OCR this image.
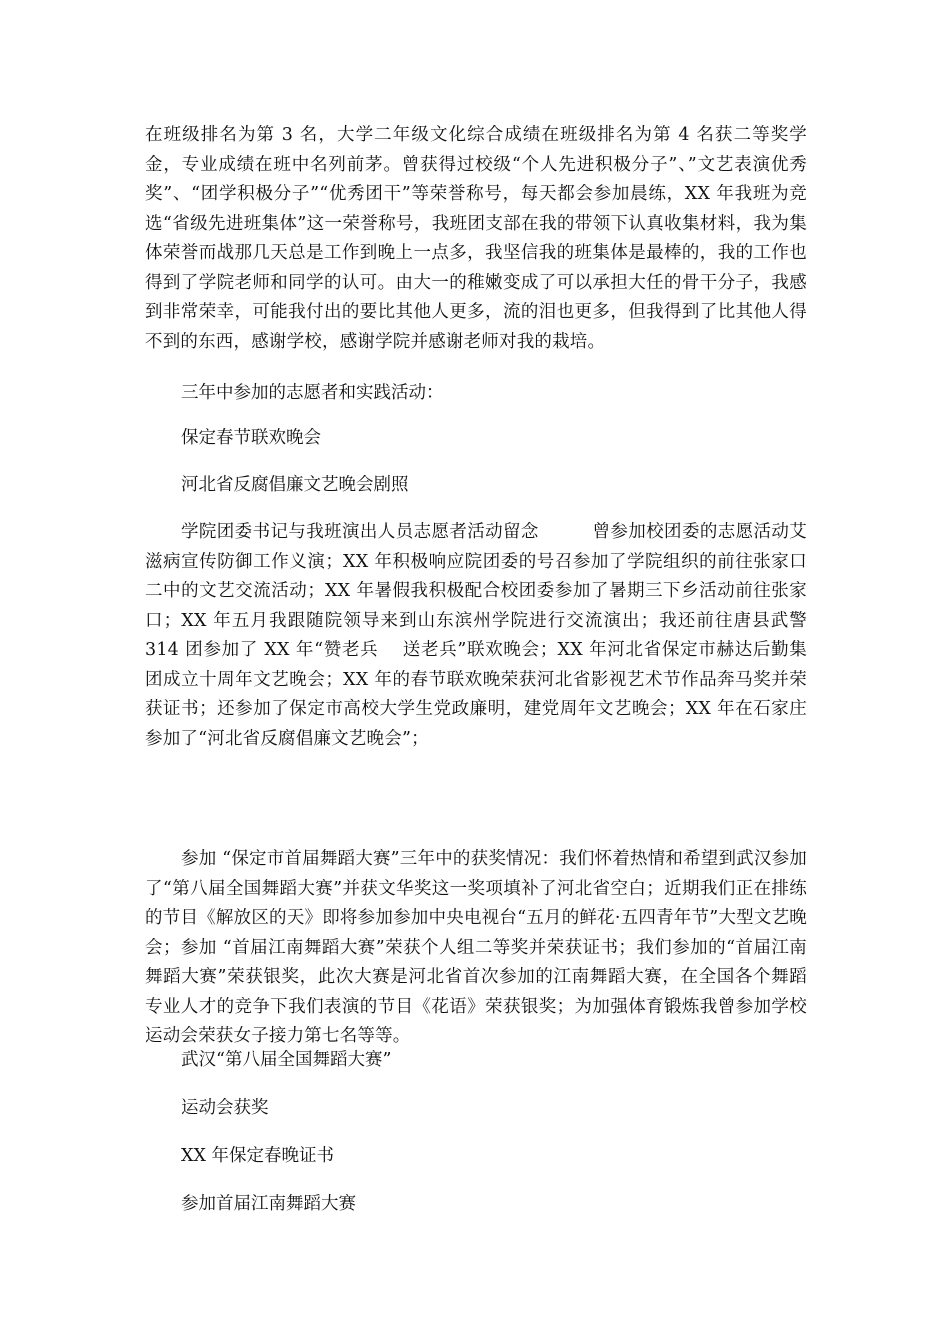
在班级排名为第 3 名，大学二年级文化综合成绩在班级排名为第 4 名获二等奖学金，专业成绩在班中名列前茅。曾获得过校级“个人先进积极分子”、”文艺表演优秀奖”、“团学积极分子”“优秀团干”等荣誉称号，每天都会参加晨练，XX 年我班为竞选“省级先进班集体”这一荣誉称号，我班团支部在我的带领下认真收集材料，我为集体荣誉而战那几天总是工作到晚上一点多，我坚信我的班集体是最棒的，我的工作也得到了学院老师和同学的认可。由大一的稚嫩变成了可以承担大任的骨干分子，我感到非常荣幸，可能我付出的要比其他人更多，流的泪也更多，但我得到了比其他人得不到的东西，感谢学校，感谢学院并感谢老师对我的栽培。

三年中参加的志愿者和实践活动：

保定春节联欢晚会

河北省反腐倡廉文艺晚会剧照

学院团委书记与我班演出人员志愿者活动留念　　　曾参加校团委的志愿活动艾滋病宣传防御工作义演；XX 年积极响应院团委的号召参加了学院组织的前往张家口二中的文艺交流活动；XX 年暑假我积极配合校团委参加了暑期三下乡活动前往张家口；XX 年五月我跟随院领导来到山东滨州学院进行交流演出；我还前往唐县武警 314 团参加了 XX 年“赞老兵　 送老兵”联欢晚会；XX 年河北省保定市赫达后勤集团成立十周年文艺晚会；XX 年的春节联欢晚荣获河北省影视艺术节作品奔马奖并荣获证书；还参加了保定市高校大学生党政廉明，建党周年文艺晚会；XX 年在石家庄参加了“河北省反腐倡廉文艺晚会”；

参加 “保定市首届舞蹈大赛”三年中的获奖情况：我们怀着热情和希望到武汉参加了“第八届全国舞蹈大赛”并获文华奖这一奖项填补了河北省空白；近期我们正在排练的节目《解放区的天》即将参加参加中央电视台“五月的鲜花·五四青年节”大型文艺晚会；参加 “首届江南舞蹈大赛”荣获个人组二等奖并荣获证书；我们参加的“首届江南舞蹈大赛”荣获银奖，此次大赛是河北省首次参加的江南舞蹈大赛，在全国各个舞蹈专业人才的竞争下我们表演的节目《花语》荣获银奖；为加强体育锻炼我曾参加学校运动会荣获女子接力第七名等等。

武汉“第八届全国舞蹈大赛”

运动会获奖

XX 年保定春晚证书

参加首届江南舞蹈大赛
